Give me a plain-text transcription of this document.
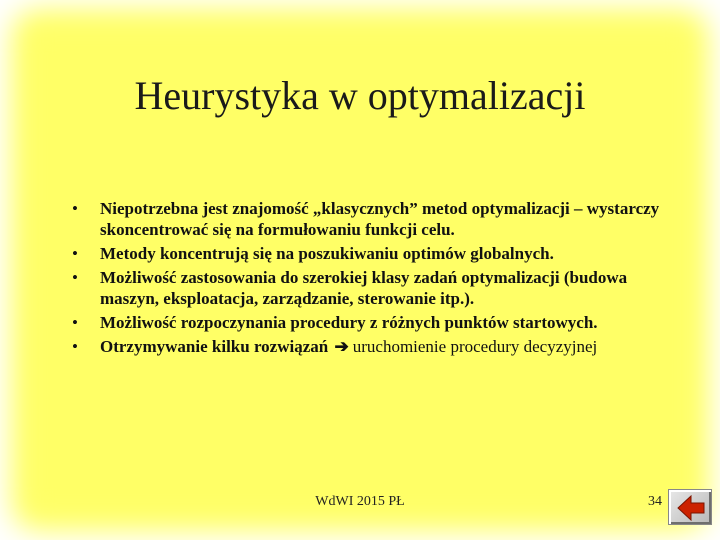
Heurystyka w optymalizacji
•	Niepotrzebna jest znajomość „klasycznych” metod optymalizacji – wystarczy skoncentrować się na formułowaniu funkcji celu.
•	Metody koncentrują się na poszukiwaniu optimów globalnych.
•	Możliwość zastosowania do szerokiej klasy zadań optymalizacji (budowa maszyn, eksploatacja, zarządzanie, sterowanie itp.).
•	Możliwość rozpoczynania procedury z różnych punktów startowych.
•	Otrzymywanie kilku rozwiązań ➔ uruchomienie procedury decyzyjnej
WdWI 2015 PŁ	34
